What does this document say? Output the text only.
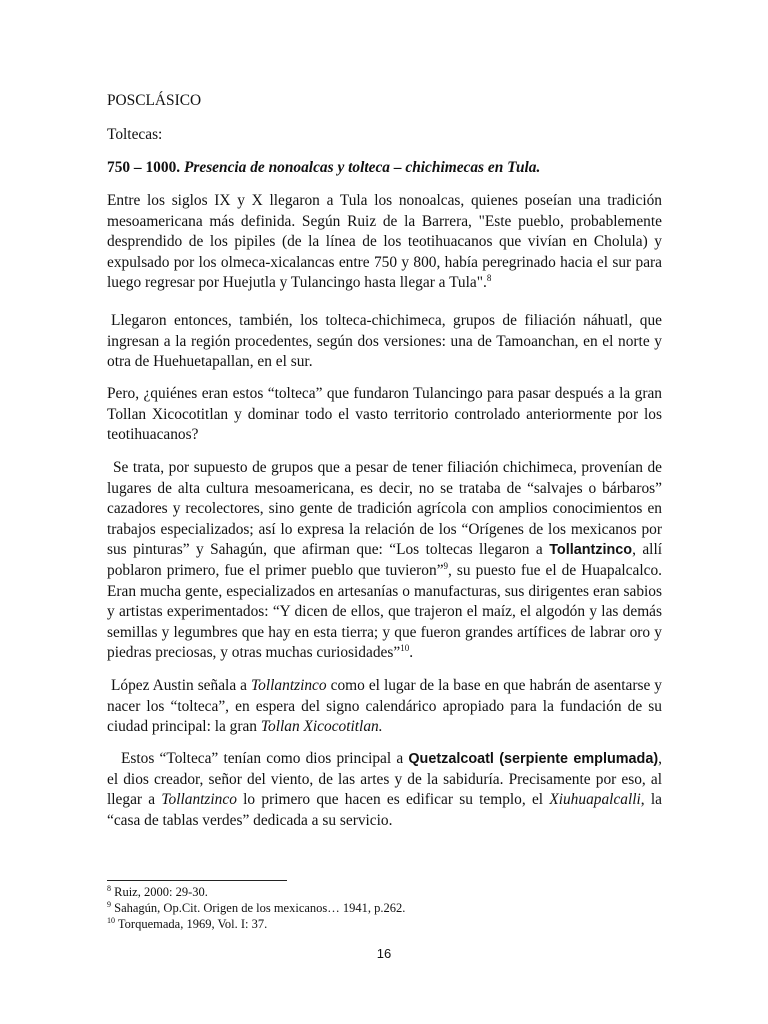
POSCLÁSICO

Toltecas:

750 – 1000. Presencia de nonoalcas y tolteca – chichimecas en Tula.

Entre los siglos IX y X llegaron a Tula los nonoalcas, quienes poseían una tradición mesoamericana más definida. Según Ruiz de la Barrera, "Este pueblo, probablemente desprendido de los pipiles (de la línea de los teotihuacanos que vivían en Cholula) y expulsado por los olmeca-xicalancas entre 750 y 800, había peregrinado hacia el sur para luego regresar por Huejutla y Tulancingo hasta llegar a Tula".$^8$

Llegaron entonces, también, los tolteca-chichimeca, grupos de filiación náhuatl, que ingresan a la región procedentes, según dos versiones: una de Tamoanchan, en el norte y otra de Huehuetapallan, en el sur.

Pero, ¿quiénes eran estos “tolteca” que fundaron Tulancingo para pasar después a la gran Tollan Xicocotitlan y dominar todo el vasto territorio controlado anteriormente por los teotihuacanos?

Se trata, por supuesto de grupos que a pesar de tener filiación chichimeca, provenían de lugares de alta cultura mesoamericana, es decir, no se trataba de “salvajes o bárbaros” cazadores y recolectores, sino gente de tradición agrícola con amplios conocimientos en trabajos especializados; así lo expresa la relación de los “Orígenes de los mexicanos por sus pinturas” y Sahagún, que afirman que: “Los toltecas llegaron a Tollantzinco, allí poblaron primero, fue el primer pueblo que tuvieron”$^9$, su puesto fue el de Huapalcalco. Eran mucha gente, especializados en artesanías o manufacturas, sus dirigentes eran sabios y artistas experimentados: “Y dicen de ellos, que trajeron el maíz, el algodón y las demás semillas y legumbres que hay en esta tierra; y que fueron grandes artífices de labrar oro y piedras preciosas, y otras muchas curiosidades”$^{10}$.

López Austin señala a Tollantzinco como el lugar de la base en que habrán de asentarse y nacer los “tolteca”, en espera del signo calendárico apropiado para la fundación de su ciudad principal: la gran Tollan Xicocotitlan.

Estos “Tolteca” tenían como dios principal a Quetzalcoatl (serpiente emplumada), el dios creador, señor del viento, de las artes y de la sabiduría. Precisamente por eso, al llegar a Tollantzinco lo primero que hacen es edificar su templo, el Xiuhuapalcalli, la “casa de tablas verdes” dedicada a su servicio.

$^8$ Ruiz, 2000: 29-30.
$^9$ Sahagún, Op.Cit. Origen de los mexicanos… 1941, p.262.
$^{10}$ Torquemada, 1969, Vol. I: 37.
16
